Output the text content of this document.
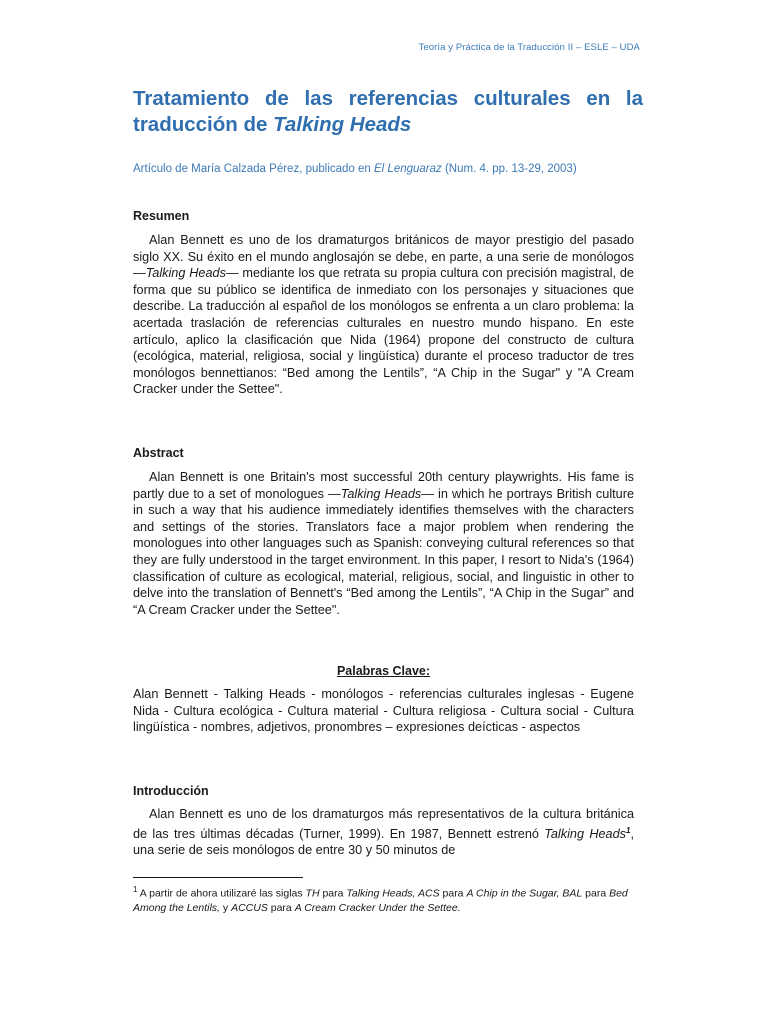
Teoría y Práctica de la Traducción II – ESLE – UDA
Tratamiento de las referencias culturales en la
traducción de Talking Heads
Artículo de María Calzada Pérez, publicado en El Lenguaraz (Num. 4. pp. 13-29, 2003)
Resumen
Alan Bennett es uno de los dramaturgos británicos de mayor prestigio del pasado siglo XX. Su éxito en el mundo anglosajón se debe, en parte, a una serie de monólogos —Talking Heads— mediante los que retrata su propia cultura con precisión magistral, de forma que su público se identifica de inmediato con los personajes y situaciones que describe. La traducción al español de los monólogos se enfrenta a un claro problema: la acertada traslación de referencias culturales en nuestro mundo hispano. En este artículo, aplico la clasificación que Nida (1964) propone del constructo de cultura (ecológica, material, religiosa, social y lingüística) durante el proceso traductor de tres monólogos bennettianos: “Bed among the Lentils”, “A Chip in the Sugar" y "A Cream Cracker under the Settee".
Abstract
Alan Bennett is one Britain's most successful 20th century playwrights. His fame is partly due to a set of monologues —Talking Heads— in which he portrays British culture in such a way that his audience immediately identifies themselves with the characters and settings of the stories. Translators face a major problem when rendering the monologues into other languages such as Spanish: conveying cultural references so that they are fully understood in the target environment. In this paper, I resort to Nida's (1964) classification of culture as ecological, material, religious, social, and linguistic in other to delve into the translation of Bennett's “Bed among the Lentils”, “A Chip in the Sugar” and “A Cream Cracker under the Settee".
Palabras Clave:
Alan Bennett - Talking Heads - monólogos - referencias culturales inglesas - Eugene Nida - Cultura ecológica - Cultura material - Cultura religiosa - Cultura social - Cultura lingüística - nombres, adjetivos, pronombres – expresiones deícticas - aspectos
Introducción
Alan Bennett es uno de los dramaturgos más representativos de la cultura británica de las tres últimas décadas (Turner, 1999). En 1987, Bennett estrenó Talking Heads$^1$, una serie de seis monólogos de entre 30 y 50 minutos de
$^1$ A partir de ahora utilizaré las siglas TH para Talking Heads, ACS para A Chip in the Sugar, BAL para Bed Among the Lentils, y ACCUS para A Cream Cracker Under the Settee.
